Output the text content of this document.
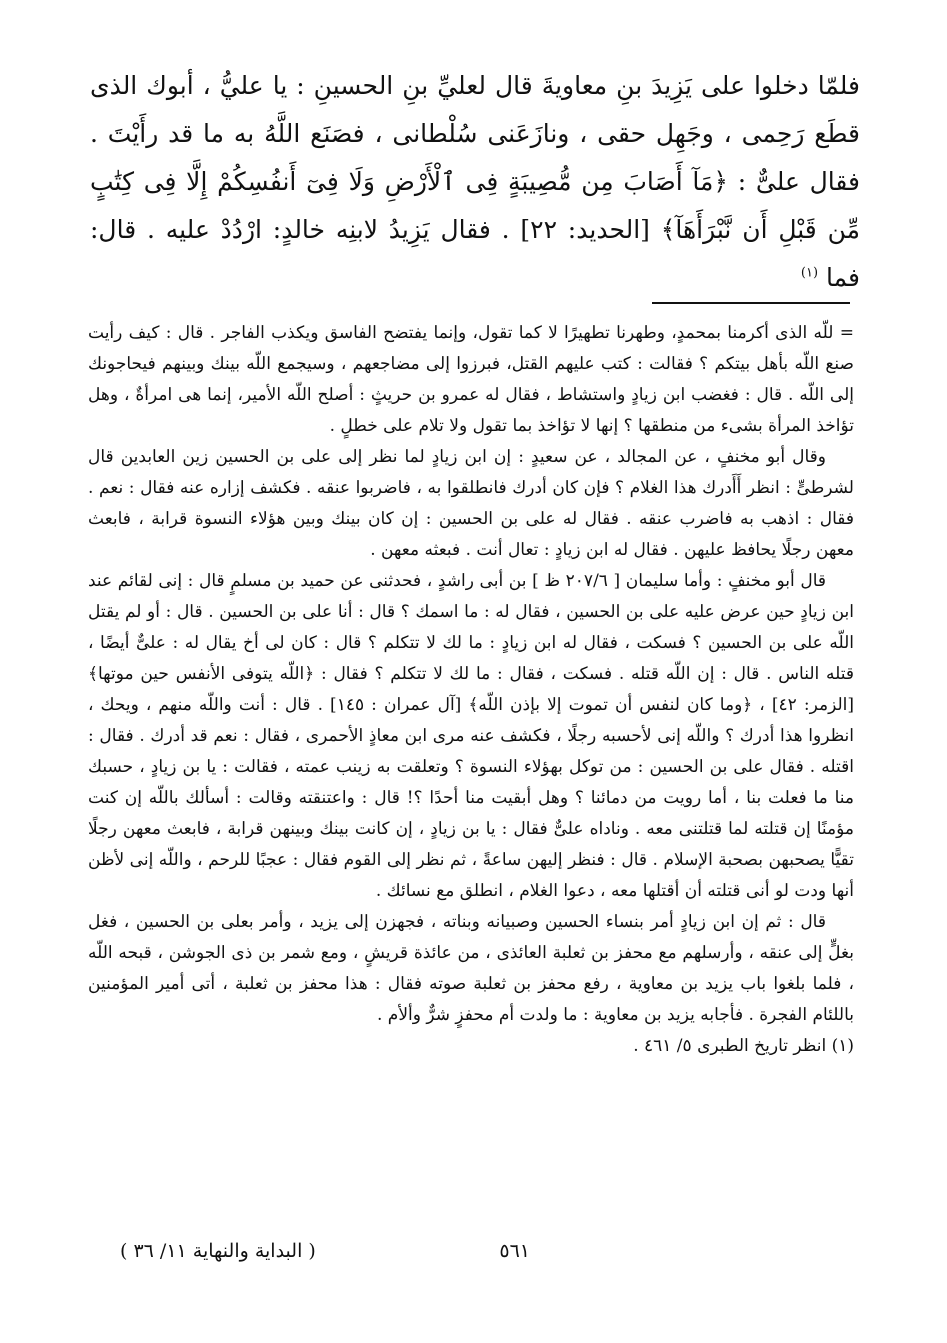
فلمّا دخلوا على يَزِيدَ بنِ معاويةَ قال لعليِّ بنِ الحسينِ : يا عليُّ ، أبوك الذى قطَع رَحِمى ، وجَهِل حقى ، ونازَعَنى سُلْطانى ، فصَنَع اللَّهُ به ما قد رأَيْتَ . فقال علىٌّ : ﴿مَآ أَصَابَ مِن مُّصِيبَةٍ فِى ٱلْأَرْضِ وَلَا فِىٓ أَنفُسِكُمْ إِلَّا فِى كِتَٰبٍ مِّن قَبْلِ أَن نَّبْرَأَهَآ﴾ [الحديد: ٢٢] . فقال يَزِيدُ لابنِه خالدٍ: ارْدُدْ عليه . قال: فما $^{(١)}$

= للّه الذى أكرمنا بمحمدٍ، وطهرنا تطهيرًا لا كما تقول، وإنما يفتضح الفاسق ويكذب الفاجر . قال : كيف رأيت صنع اللّه بأهل بيتكم ؟ فقالت : كتب عليهم القتل، فبرزوا إلى مضاجعهم ، وسيجمع اللّه بينك وبينهم فيحاجونك إلى اللّه . قال : فغضب ابن زيادٍ واستشاط ، فقال له عمرو بن حريثٍ : أصلح اللّه الأمير، إنما هى امرأةٌ ، وهل تؤاخذ المرأة بشىء من منطقها ؟ إنها لا تؤاخذ بما تقول ولا تلام على خطلٍ .

وقال أبو مخنفٍ ، عن المجالد ، عن سعيدٍ : إن ابن زيادٍ لما نظر إلى على بن الحسين زين العابدين قال لشرطىٍّ : انظر أَأَدرك هذا الغلام ؟ فإن كان أدرك فانطلقوا به ، فاضربوا عنقه . فكشف إزاره عنه فقال : نعم . فقال : اذهب به فاضرب عنقه . فقال له على بن الحسين : إن كان بينك وبين هؤلاء النسوة قرابة ، فابعث معهن رجلًا يحافظ عليهن . فقال له ابن زيادٍ : تعال أنت . فبعثه معهن .

قال أبو مخنفٍ : وأما سليمان [ ٢٠٧/٦ ظ ] بن أبى راشدٍ ، فحدثنى عن حميد بن مسلمٍ قال : إنى لقائم عند ابن زيادٍ حين عرض عليه على بن الحسين ، فقال له : ما اسمك ؟ قال : أنا على بن الحسين . قال : أو لم يقتل اللّه على بن الحسين ؟ فسكت ، فقال له ابن زيادٍ : ما لك لا تتكلم ؟ قال : كان لى أخ يقال له : علىٌّ أيضًا ، قتله الناس . قال : إن اللّه قتله . فسكت ، فقال : ما لك لا تتكلم ؟ فقال : ﴿اللّه يتوفى الأنفس حين موتها﴾ [الزمر: ٤٢] ، ﴿وما كان لنفس أن تموت إلا بإذن اللّه﴾ [آل عمران : ١٤٥] . قال : أنت واللّه منهم ، ويحك ، انظروا هذا أدرك ؟ واللّه إنى لأحسبه رجلًا ، فكشف عنه مرى ابن معاذٍ الأحمرى ، فقال : نعم قد أدرك . فقال : اقتله . فقال على بن الحسين : من توكل بهؤلاء النسوة ؟ وتعلقت به زينب عمته ، فقالت : يا بن زيادٍ ، حسبك منا ما فعلت بنا ، أما رويت من دمائنا ؟ وهل أبقيت منا أحدًا ؟! قال : واعتنقته وقالت : أسألك باللّه إن كنت مؤمنًا إن قتلته لما قتلتنى معه . وناداه علىٌّ فقال : يا بن زيادٍ ، إن كانت بينك وبينهن قرابة ، فابعث معهن رجلًا تقيًّا يصحبهن بصحبة الإسلام . قال : فنظر إليهن ساعةً ، ثم نظر إلى القوم فقال : عجبًا للرحم ، واللّه إنى لأظن أنها ودت لو أنى قتلته أن أقتلها معه ، دعوا الغلام ، انطلق مع نسائك .

قال : ثم إن ابن زيادٍ أمر بنساء الحسين وصبيانه وبناته ، فجهزن إلى يزيد ، وأمر بعلى بن الحسين ، فغل بغلٍّ إلى عنقه ، وأرسلهم مع محفز بن ثعلبة العائذى ، من عائذة قريشٍ ، ومع شمر بن ذى الجوشن ، قبحه اللّه ، فلما بلغوا باب يزيد بن معاوية ، رفع محفز بن ثعلبة صوته فقال : هذا محفز بن ثعلبة ، أتى أمير المؤمنين باللئام الفجرة . فأجابه يزيد بن معاوية : ما ولدت أم محفزٍ شرٌّ وألأم .

(١) انظر تاريخ الطبرى ٥/ ٤٦١ .

٥٦١
( البداية والنهاية ١١/ ٣٦ )
